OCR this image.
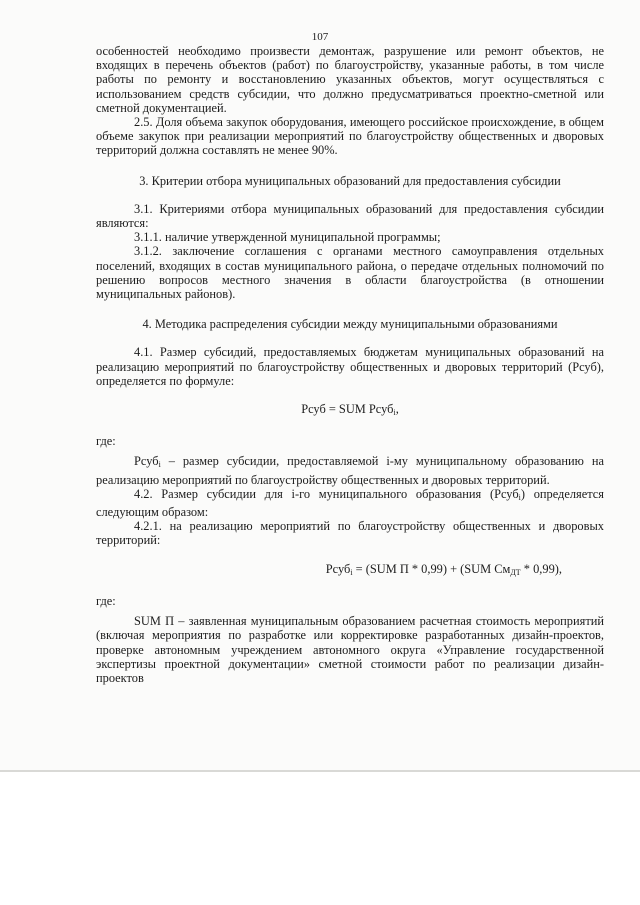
107

особенностей необходимо произвести демонтаж, разрушение или ремонт объектов, не входящих в перечень объектов (работ) по благоустройству, указанные работы, в том числе работы по ремонту и восстановлению указанных объектов, могут осуществляться с использованием средств субсидии, что должно предусматриваться проектно-сметной или сметной документацией.

2.5. Доля объема закупок оборудования, имеющего российское происхождение, в общем объеме закупок при реализации мероприятий по благоустройству общественных и дворовых территорий должна составлять не менее 90%.

3. Критерии отбора муниципальных образований для предоставления субсидии

3.1. Критериями отбора муниципальных образований для предоставления субсидии являются:

3.1.1. наличие утвержденной муниципальной программы;

3.1.2. заключение соглашения с органами местного самоуправления отдельных поселений, входящих в состав муниципального района, о передаче отдельных полномочий по решению вопросов местного значения в области благоустройства (в отношении муниципальных районов).

4. Методика распределения субсидии между муниципальными образованиями

4.1. Размер субсидий, предоставляемых бюджетам муниципальных образований на реализацию мероприятий по благоустройству общественных и дворовых территорий (Рсуб), определяется по формуле:

Рсуб = SUM Рсуб$_i$,

где:

Рсуб$_i$ – размер субсидии, предоставляемой i-му муниципальному образованию на реализацию мероприятий по благоустройству общественных и дворовых территорий.

4.2. Размер субсидии для i-го муниципального образования (Рсуб$_i$) определяется следующим образом:

4.2.1. на реализацию мероприятий по благоустройству общественных и дворовых территорий:

Рсуб$_i$ = (SUM П * 0,99) + (SUM $См_{ДТ} * 0,99$),

где:

SUM П – заявленная муниципальным образованием расчетная стоимость мероприятий (включая мероприятия по разработке или корректировке разработанных дизайн-проектов, проверке автономным учреждением автономного округа «Управление государственной экспертизы проектной документации» сметной стоимости работ по реализации дизайн-проектов
